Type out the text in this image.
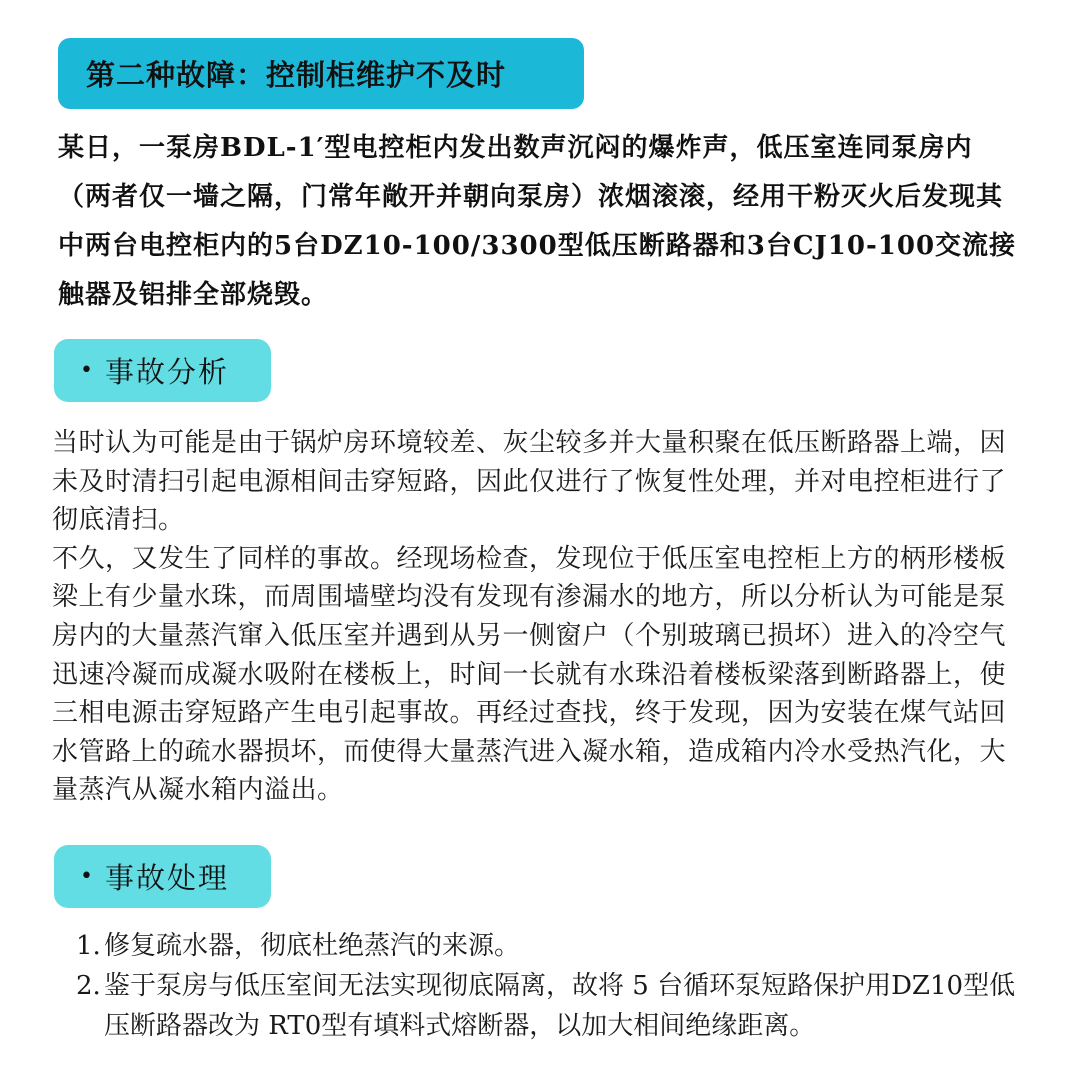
第二种故障：控制柜维护不及时

某日，一泵房BDL-1′型电控柜内发出数声沉闷的爆炸声，低压室连同泵房内（两者仅一墙之隔，门常年敞开并朝向泵房）浓烟滚滚，经用干粉灭火后发现其中两台电控柜内的5台DZ10-100/3300型低压断路器和3台CJ10-100交流接触器及铝排全部烧毁。

• 事故分析

当时认为可能是由于锅炉房环境较差、灰尘较多并大量积聚在低压断路器上端，因未及时清扫引起电源相间击穿短路，因此仅进行了恢复性处理，并对电控柜进行了彻底清扫。

不久，又发生了同样的事故。经现场检查，发现位于低压室电控柜上方的柄形楼板梁上有少量水珠，而周围墙壁均没有发现有渗漏水的地方，所以分析认为可能是泵房内的大量蒸汽窜入低压室并遇到从另一侧窗户（个别玻璃已损坏）进入的冷空气迅速冷凝而成凝水吸附在楼板上，时间一长就有水珠沿着楼板梁落到断路器上，使三相电源击穿短路产生电引起事故。再经过查找，终于发现，因为安装在煤气站回水管路上的疏水器损坏，而使得大量蒸汽进入凝水箱，造成箱内冷水受热汽化，大量蒸汽从凝水箱内溢出。

• 事故处理
1. 修复疏水器，彻底杜绝蒸汽的来源。
2. 鉴于泵房与低压室间无法实现彻底隔离，故将 5 台循环泵短路保护用DZ10型低压断路器改为 RT0型有填料式熔断器，以加大相间绝缘距离。
